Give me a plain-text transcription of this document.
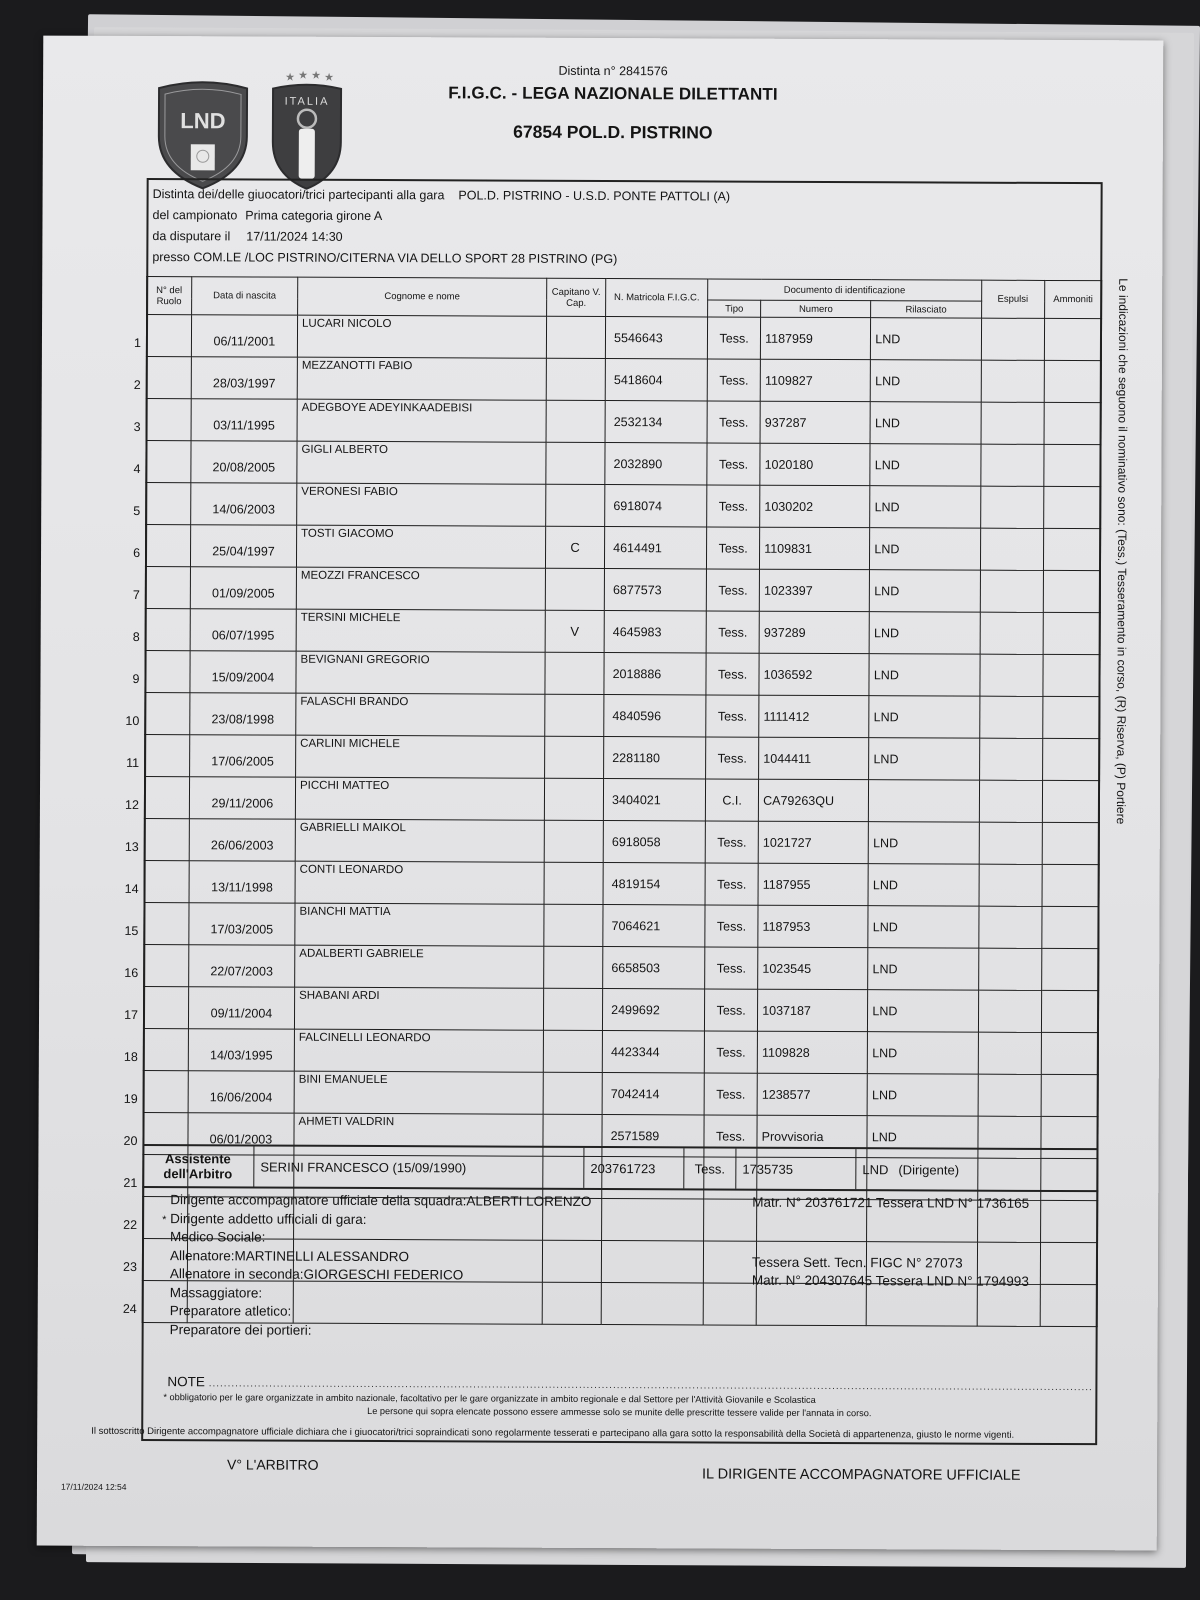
LND
★ ★ ★ ★
ITALIA
Distinta n° 2841576
F.I.G.C. - LEGA NAZIONALE DILETTANTI
67854 POL.D. PISTRINO
Distinta dei/delle giuocatori/trici partecipanti alla gara POL.D. PISTRINO - U.S.D. PONTE PATTOLI (A)
del campionato Prima categoria girone A
da disputare il 17/11/2024 14:30
presso COM.LE /LOC PISTRINO/CITERNA VIA DELLO SPORT 28 PISTRINO (PG)
N° del Ruolo	Data di nascita	Cognome e nome	Capitano V. Cap.	N. Matricola F.I.G.C.	Documento di identificazione			Espulsi	Ammoniti
					Tipo	Numero	Rilasciato		

1	06/11/2001	LUCARI NICOLO		5546643	Tess.	1187959	LND		

2	28/03/1997	MEZZANOTTI FABIO		5418604	Tess.	1109827	LND		

3	03/11/1995	ADEGBOYE ADEYINKAADEBISI		2532134	Tess.	937287	LND		

4	20/08/2005	GIGLI ALBERTO		2032890	Tess.	1020180	LND		

5	14/06/2003	VERONESI FABIO		6918074	Tess.	1030202	LND		

6	25/04/1997	TOSTI GIACOMO	C	4614491	Tess.	1109831	LND		

7	01/09/2005	MEOZZI FRANCESCO		6877573	Tess.	1023397	LND		

8	06/07/1995	TERSINI MICHELE	V	4645983	Tess.	937289	LND		

9	15/09/2004	BEVIGNANI GREGORIO		2018886	Tess.	1036592	LND		

10	23/08/1998	FALASCHI BRANDO		4840596	Tess.	1111412	LND		

11	17/06/2005	CARLINI MICHELE		2281180	Tess.	1044411	LND		

12	29/11/2006	PICCHI MATTEO		3404021	C.I.	CA79263QU			

13	26/06/2003	GABRIELLI MAIKOL		6918058	Tess.	1021727	LND		

14	13/11/1998	CONTI LEONARDO		4819154	Tess.	1187955	LND		

15	17/03/2005	BIANCHI MATTIA		7064621	Tess.	1187953	LND		

16	22/07/2003	ADALBERTI GABRIELE		6658503	Tess.	1023545	LND		

17	09/11/2004	SHABANI ARDI		2499692	Tess.	1037187	LND		

18	14/03/1995	FALCINELLI LEONARDO		4423344	Tess.	1109828	LND		

19	16/06/2004	BINI EMANUELE		7042414	Tess.	1238577	LND		

20	06/01/2003	AHMETI VALDRIN		2571589	Tess.	Provvisoria	LND		

21									

22									

23									

24									

Assistente dell'Arbitro	SERINI FRANCESCO (15/09/1990)	203761723	Tess.	1735735	LND (Dirigente)
Dirigente accompagnatore ufficiale della squadra:ALBERTI LORENZO	Matr. N° 203761721 Tessera LND N° 1736165
* Dirigente addetto ufficiali di gara:
Medico Sociale:
Allenatore:MARTINELLI ALESSANDRO	Tessera Sett. Tecn. FIGC N° 27073
Allenatore in seconda:GIORGESCHI FEDERICO	Matr. N° 204307645 Tessera LND N° 1794993
Massaggiatore:
Preparatore atletico:
Preparatore dei portieri:
NOTE ..........................................................................................................................................................................................................................................
* obbligatorio per le gare organizzate in ambito nazionale, facoltativo per le gare organizzate in ambito regionale e dal Settore per l'Attività Giovanile e Scolastica
Le persone qui sopra elencate possono essere ammesse solo se munite delle prescritte tessere valide per l'annata in corso.
Il sottoscritto Dirigente accompagnatore ufficiale dichiara che i giuocatori/trici sopraindicati sono regolarmente tesserati e partecipano alla gara sotto la responsabilità della Società di appartenenza, giusto le norme vigenti.
V° L'ARBITRO
IL DIRIGENTE ACCOMPAGNATORE UFFICIALE
17/11/2024 12:54
Le indicazioni che seguono il nominativo sono: (Tess.) Tesseramento in corso, (R) Riserva, (P) Portiere
